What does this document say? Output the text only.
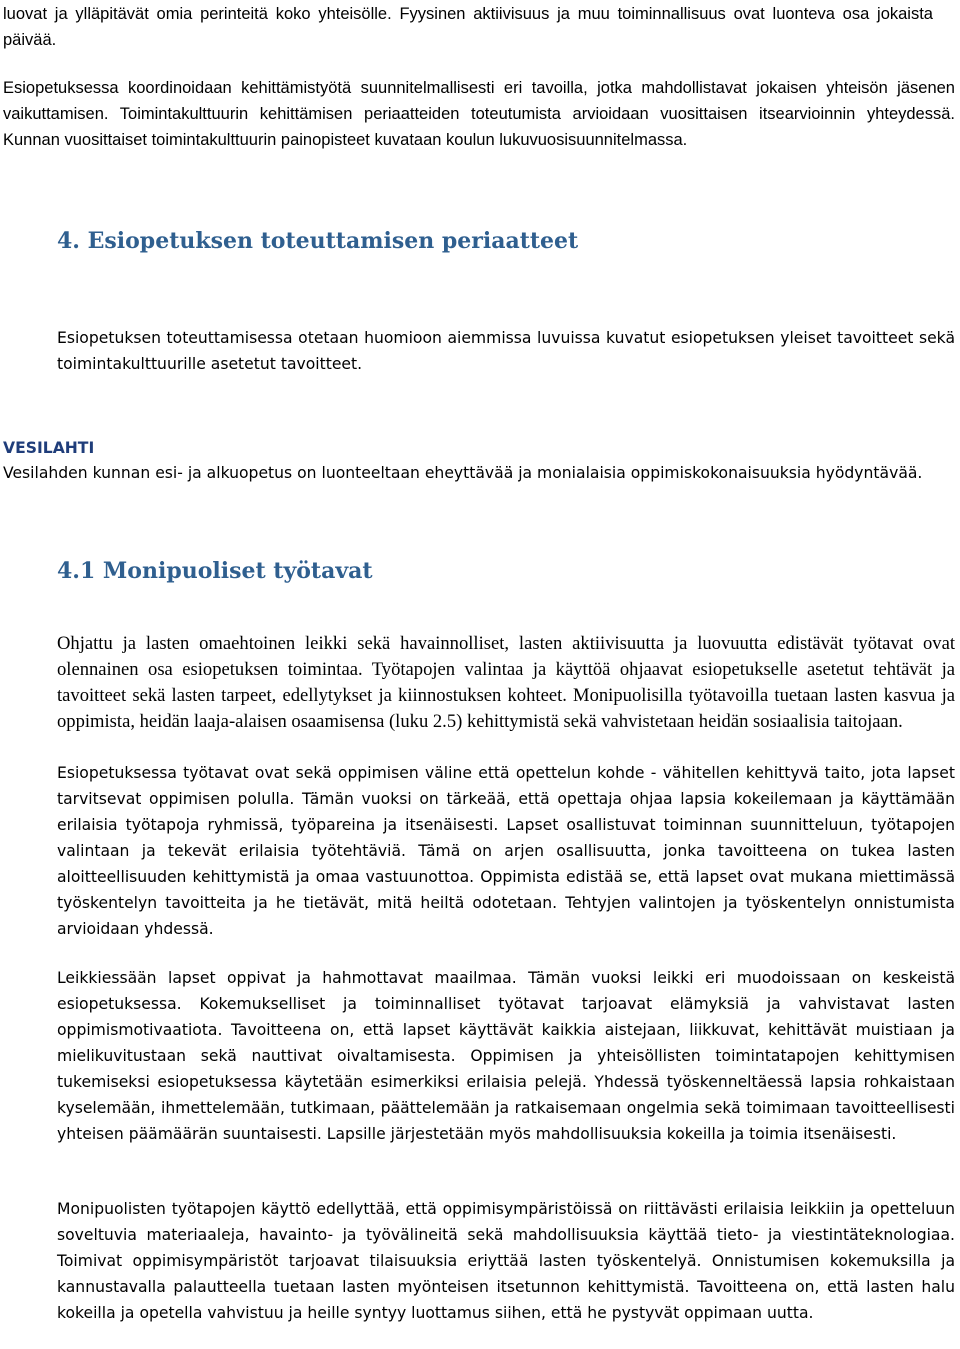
luovat ja ylläpitävät omia perinteitä koko yhteisölle. Fyysinen aktiivisuus ja muu toiminnallisuus ovat luonteva osa jokaista päivää.

Esiopetuksessa koordinoidaan kehittämistyötä suunnitelmallisesti eri tavoilla, jotka mahdollistavat jokaisen yhteisön jäsenen vaikuttamisen. Toimintakulttuurin kehittämisen periaatteiden toteutumista arvioidaan vuosittaisen itsearvioinnin yhteydessä. Kunnan vuosittaiset toimintakulttuurin painopisteet kuvataan koulun lukuvuosisuunnitelmassa.

4. Esiopetuksen toteuttamisen periaatteet

Esiopetuksen toteuttamisessa otetaan huomioon aiemmissa luvuissa kuvatut esiopetuksen yleiset tavoitteet sekä toimintakulttuurille asetetut tavoitteet.

VESILAHTI

Vesilahden kunnan esi- ja alkuopetus on luonteeltaan eheyttävää ja monialaisia oppimiskokonaisuuksia hyödyntävää.

4.1 Monipuoliset työtavat

Ohjattu ja lasten omaehtoinen leikki sekä havainnolliset, lasten aktiivisuutta ja luovuutta edistävät työtavat ovat olennainen osa esiopetuksen toimintaa. Työtapojen valintaa ja käyttöä ohjaavat esiopetukselle asetetut tehtävät ja tavoitteet sekä lasten tarpeet, edellytykset ja kiinnostuksen kohteet. Monipuolisilla työtavoilla tuetaan lasten kasvua ja oppimista, heidän laaja-alaisen osaamisensa (luku 2.5) kehittymistä sekä vahvistetaan heidän sosiaalisia taitojaan.

Esiopetuksessa työtavat ovat sekä oppimisen väline että opettelun kohde - vähitellen kehittyvä taito, jota lapset tarvitsevat oppimisen polulla. Tämän vuoksi on tärkeää, että opettaja ohjaa lapsia kokeilemaan ja käyttämään erilaisia työtapoja ryhmissä, työpareina ja itsenäisesti. Lapset osallistuvat toiminnan suunnitteluun, työtapojen valintaan ja tekevät erilaisia työtehtäviä. Tämä on arjen osallisuutta, jonka tavoitteena on tukea lasten aloitteellisuuden kehittymistä ja omaa vastuunottoa. Oppimista edistää se, että lapset ovat mukana miettimässä työskentelyn tavoitteita ja he tietävät, mitä heiltä odotetaan. Tehtyjen valintojen ja työskentelyn onnistumista arvioidaan yhdessä.

Leikkiessään lapset oppivat ja hahmottavat maailmaa. Tämän vuoksi leikki eri muodoissaan on keskeistä esiopetuksessa. Kokemukselliset ja toiminnalliset työtavat tarjoavat elämyksiä ja vahvistavat lasten oppimismotivaatiota. Tavoitteena on, että lapset käyttävät kaikkia aistejaan, liikkuvat, kehittävät muistiaan ja mielikuvitustaan sekä nauttivat oivaltamisesta. Oppimisen ja yhteisöllisten toimintatapojen kehittymisen tukemiseksi esiopetuksessa käytetään esimerkiksi erilaisia pelejä. Yhdessä työskenneltäessä lapsia rohkaistaan kyselemään, ihmettelemään, tutkimaan, päättelemään ja ratkaisemaan ongelmia sekä toimimaan tavoitteellisesti yhteisen päämäärän suuntaisesti. Lapsille järjestetään myös mahdollisuuksia kokeilla ja toimia itsenäisesti.

Monipuolisten työtapojen käyttö edellyttää, että oppimisympäristöissä on riittävästi erilaisia leikkiin ja opetteluun soveltuvia materiaaleja, havainto- ja työvälineitä sekä mahdollisuuksia käyttää tieto- ja viestintäteknologiaa. Toimivat oppimisympäristöt tarjoavat tilaisuuksia eriyttää lasten työskentelyä. Onnistumisen kokemuksilla ja kannustavalla palautteella tuetaan lasten myönteisen itsetunnon kehittymistä. Tavoitteena on, että lasten halu kokeilla ja opetella vahvistuu ja heille syntyy luottamus siihen, että he pystyvät oppimaan uutta.
